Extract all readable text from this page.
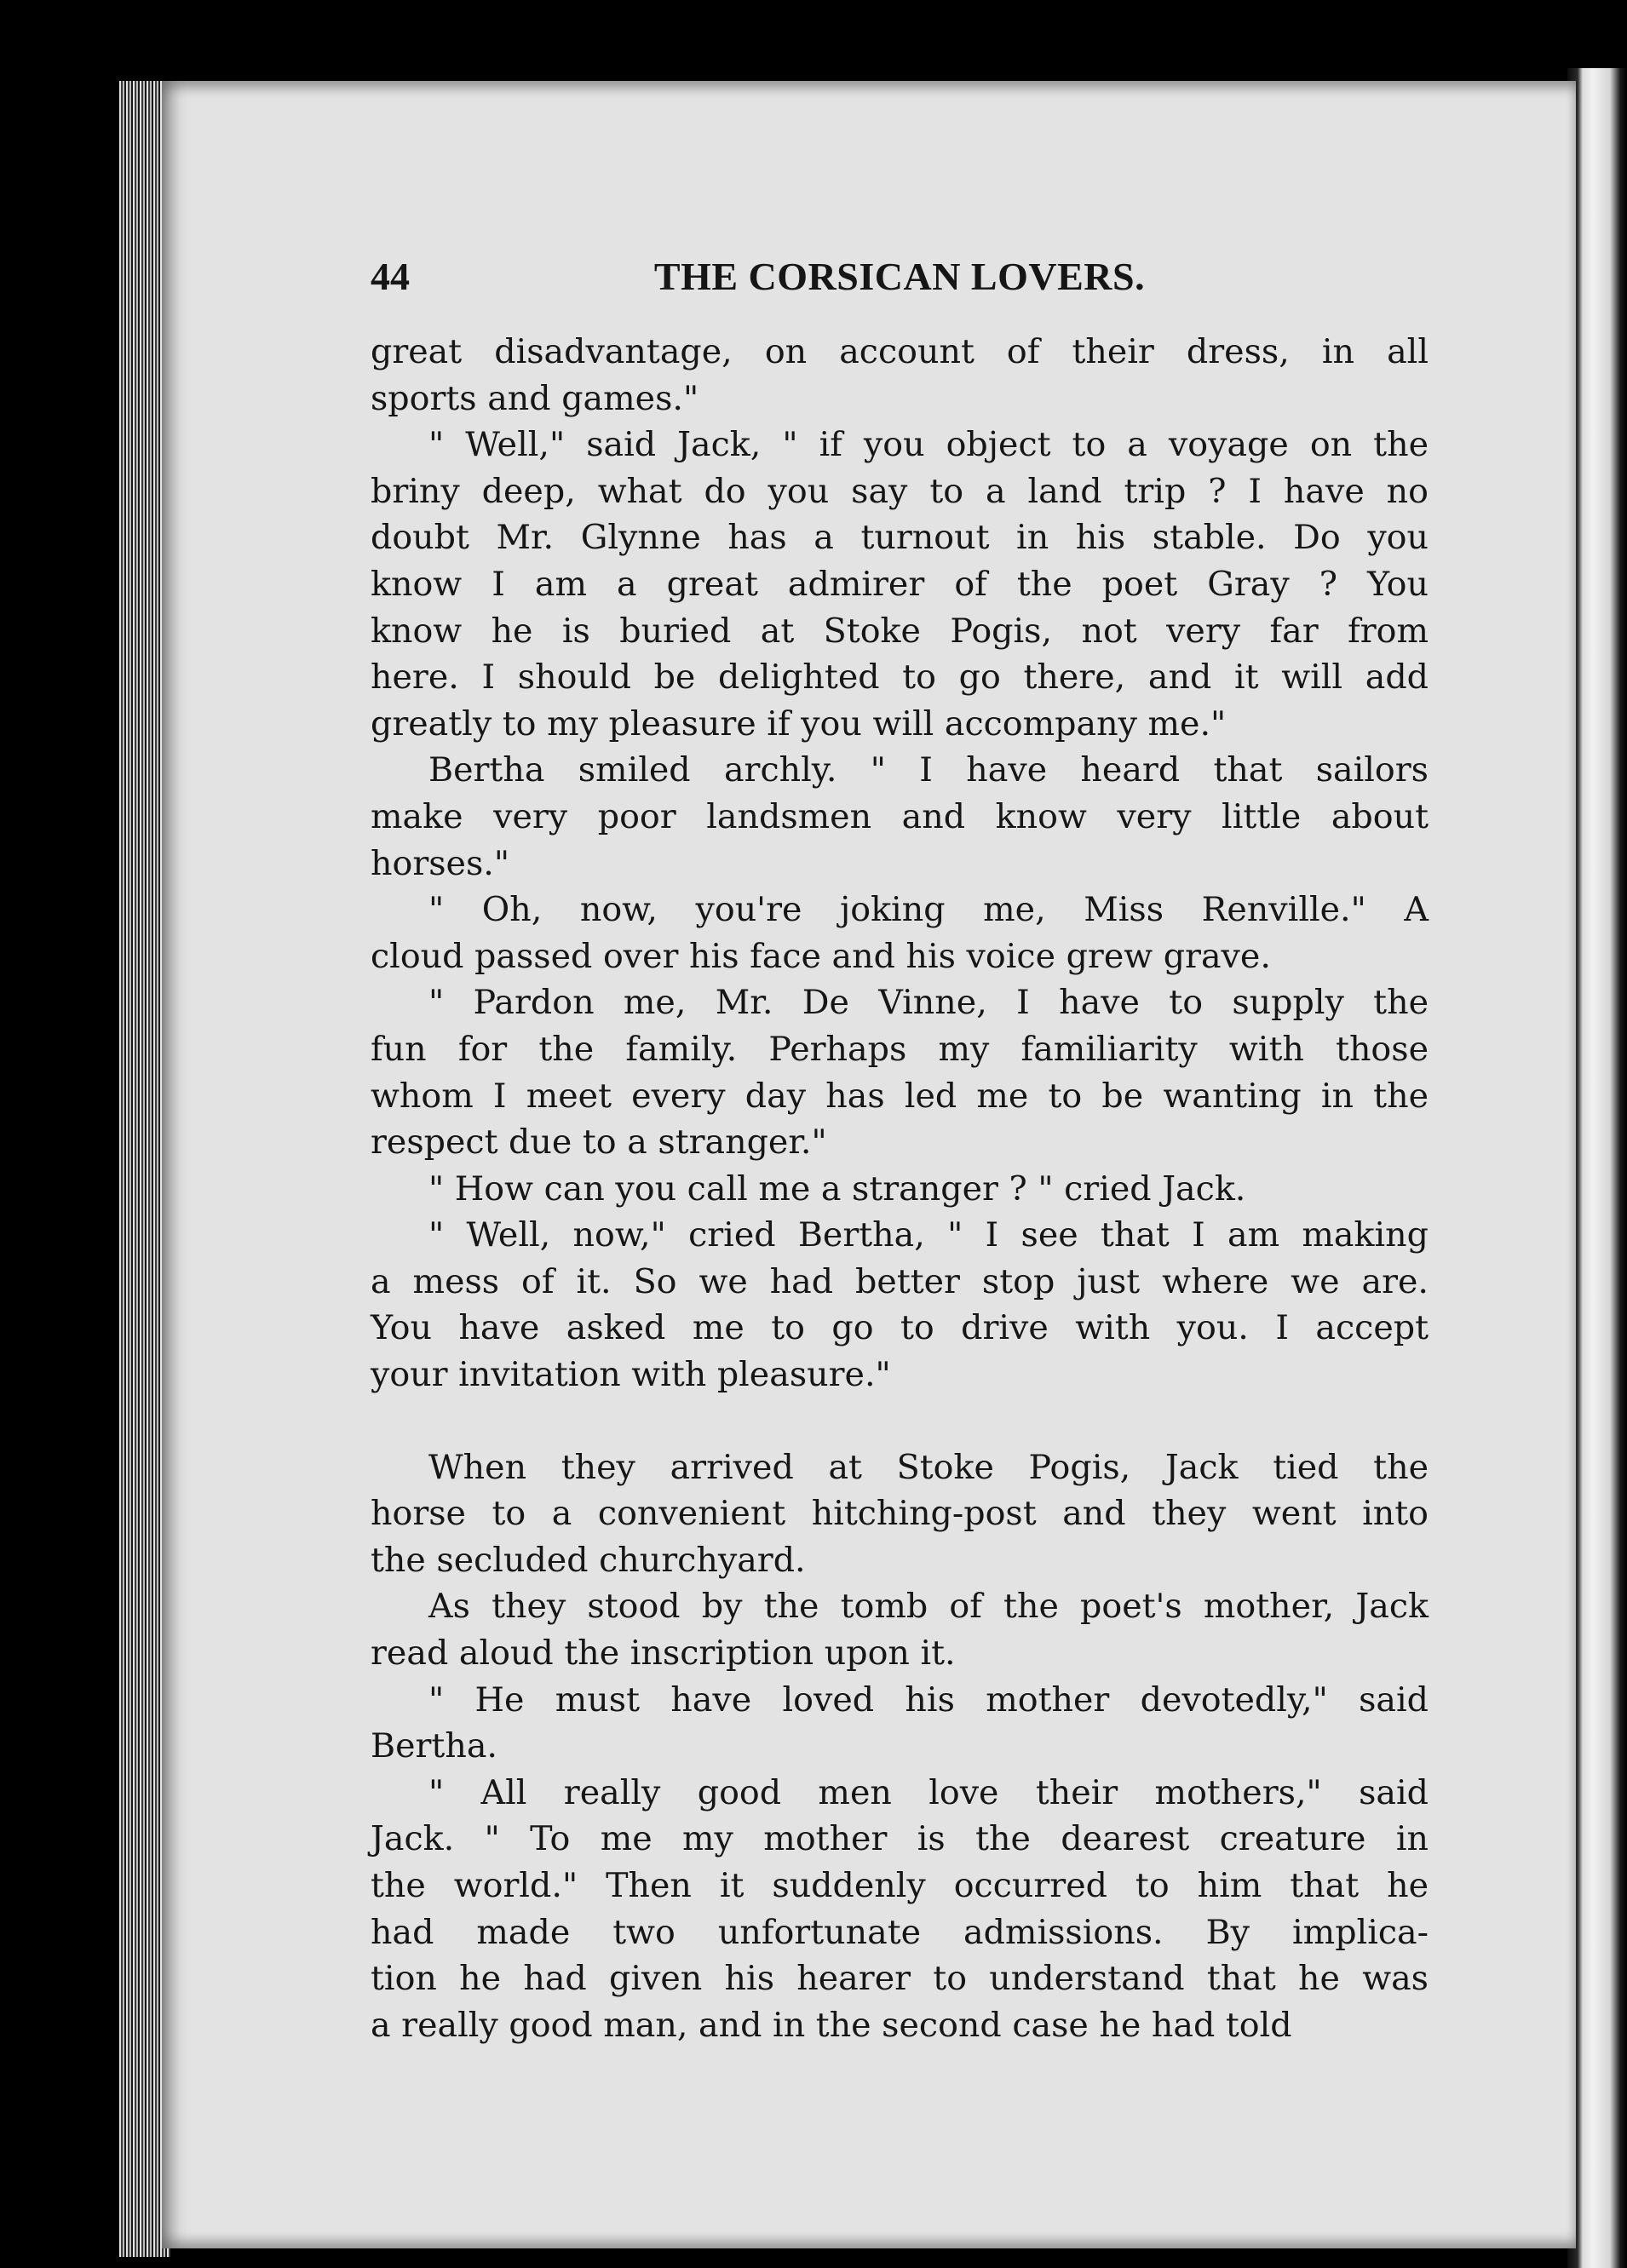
44	THE CORSICAN LOVERS.

great disadvantage, on account of their dress, in all
sports and games."

" Well," said Jack, " if you object to a voyage on the
briny deep, what do you say to a land trip ? I have no
doubt Mr. Glynne has a turnout in his stable. Do you
know I am a great admirer of the poet Gray ? You
know he is buried at Stoke Pogis, not very far from
here. I should be delighted to go there, and it will add
greatly to my pleasure if you will accompany me."

Bertha smiled archly. " I have heard that sailors
make very poor landsmen and know very little about
horses."

" Oh, now, you're joking me, Miss Renville." A
cloud passed over his face and his voice grew grave.

" Pardon me, Mr. De Vinne, I have to supply the
fun for the family. Perhaps my familiarity with those
whom I meet every day has led me to be wanting in the
respect due to a stranger."

" How can you call me a stranger ? " cried Jack.

" Well, now," cried Bertha, " I see that I am making
a mess of it. So we had better stop just where we are.
You have asked me to go to drive with you. I accept
your invitation with pleasure."

When they arrived at Stoke Pogis, Jack tied the
horse to a convenient hitching-post and they went into
the secluded churchyard.

As they stood by the tomb of the poet's mother, Jack
read aloud the inscription upon it.

" He must have loved his mother devotedly," said
Bertha.

" All really good men love their mothers," said
Jack. " To me my mother is the dearest creature in
the world." Then it suddenly occurred to him that he
had made two unfortunate admissions. By implica-
tion he had given his hearer to understand that he was
a really good man, and in the second case he had told
